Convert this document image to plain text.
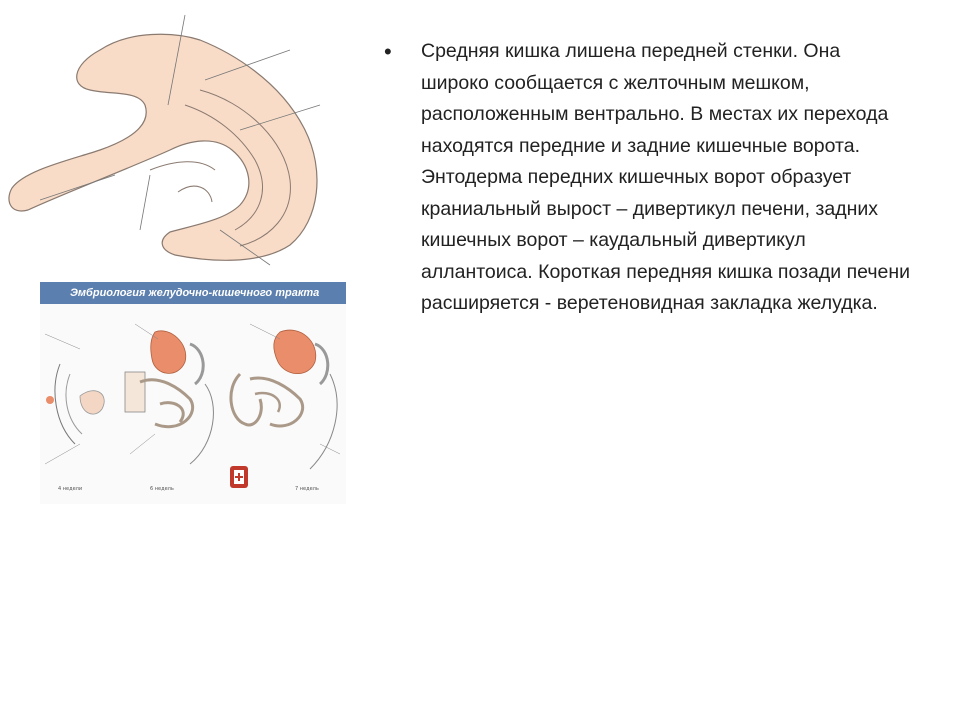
Эмбриология желудочно-кишечного тракта
4 недели	6 недель	7 недель
• Средняя кишка лишена передней стенки. Она широко сообщается с желточным мешком, расположенным вентрально. В местах их перехода находятся передние и задние кишечные ворота. Энтодерма передних кишечных ворот образует краниальный вырост – дивертикул печени, задних кишечных ворот – каудальный дивертикул аллантоиса. Короткая передняя кишка позади печени расширяется - веретеновидная закладка желудка.
